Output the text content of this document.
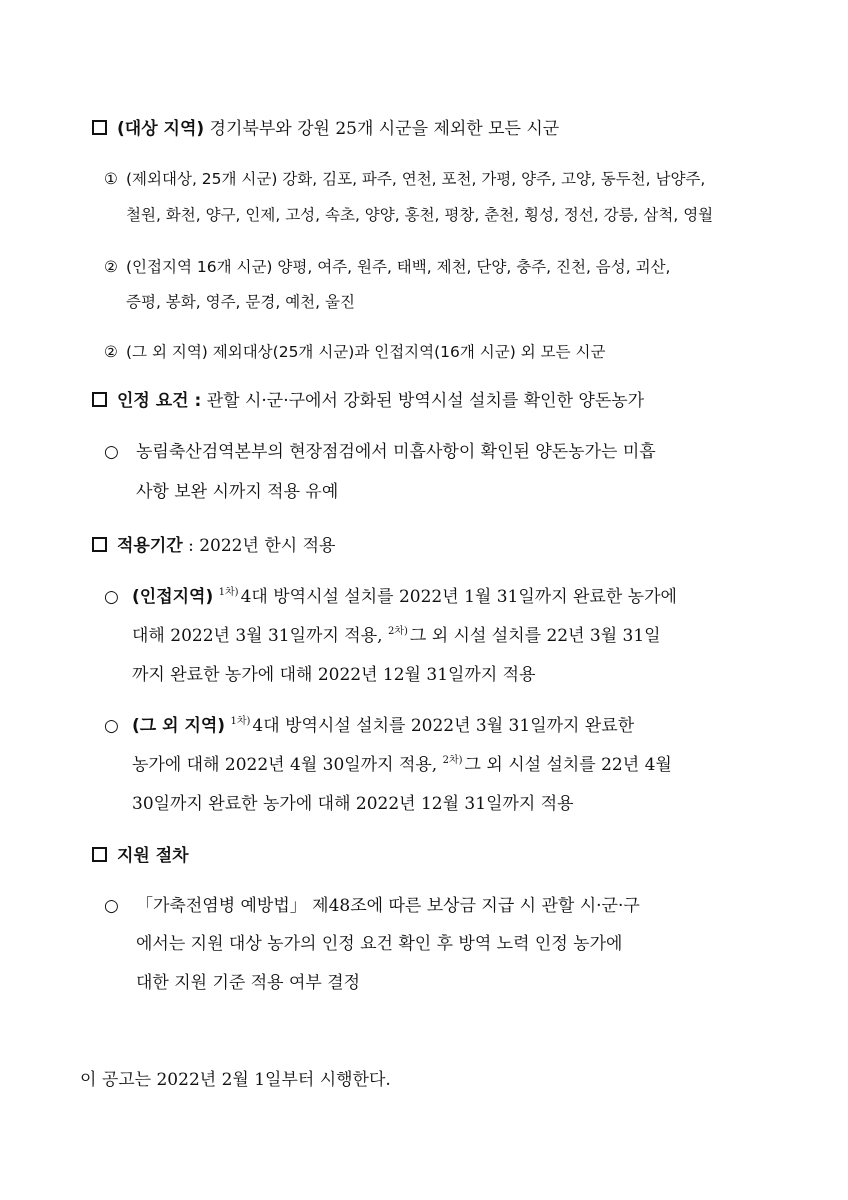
(대상 지역) 경기북부와 강원 25개 시군을 제외한 모든 시군
① (제외대상, 25개 시군) 강화, 김포, 파주, 연천, 포천, 가평, 양주, 고양, 동두천, 남양주,
철원, 화천, 양구, 인제, 고성, 속초, 양양, 홍천, 평창, 춘천, 횡성, 정선, 강릉, 삼척, 영월
② (인접지역 16개 시군) 양평, 여주, 원주, 태백, 제천, 단양, 충주, 진천, 음성, 괴산,
증평, 봉화, 영주, 문경, 예천, 울진
② (그 외 지역) 제외대상(25개 시군)과 인접지역(16개 시군) 외 모든 시군
인정 요건 : 관할 시·군·구에서 강화된 방역시설 설치를 확인한 양돈농가
○ 농림축산검역본부의 현장점검에서 미흡사항이 확인된 양돈농가는 미흡
사항 보완 시까지 적용 유예
적용기간 : 2022년 한시 적용
○ (인접지역) $^{1차)}$ 4대 방역시설 설치를 2022년 1월 31일까지 완료한 농가에
대해 2022년 3월 31일까지 적용, $^{2차)}$ 그 외 시설 설치를 22년 3월 31일
까지 완료한 농가에 대해 2022년 12월 31일까지 적용
○ (그 외 지역) $^{1차)}$ 4대 방역시설 설치를 2022년 3월 31일까지 완료한
농가에 대해 2022년 4월 30일까지 적용, $^{2차)}$ 그 외 시설 설치를 22년 4월
30일까지 완료한 농가에 대해 2022년 12월 31일까지 적용
지원 절차
○ 「가축전염병 예방법」 제48조에 따른 보상금 지급 시 관할 시·군·구
에서는 지원 대상 농가의 인정 요건 확인 후 방역 노력 인정 농가에
대한 지원 기준 적용 여부 결정
이 공고는 2022년 2월 1일부터 시행한다.
